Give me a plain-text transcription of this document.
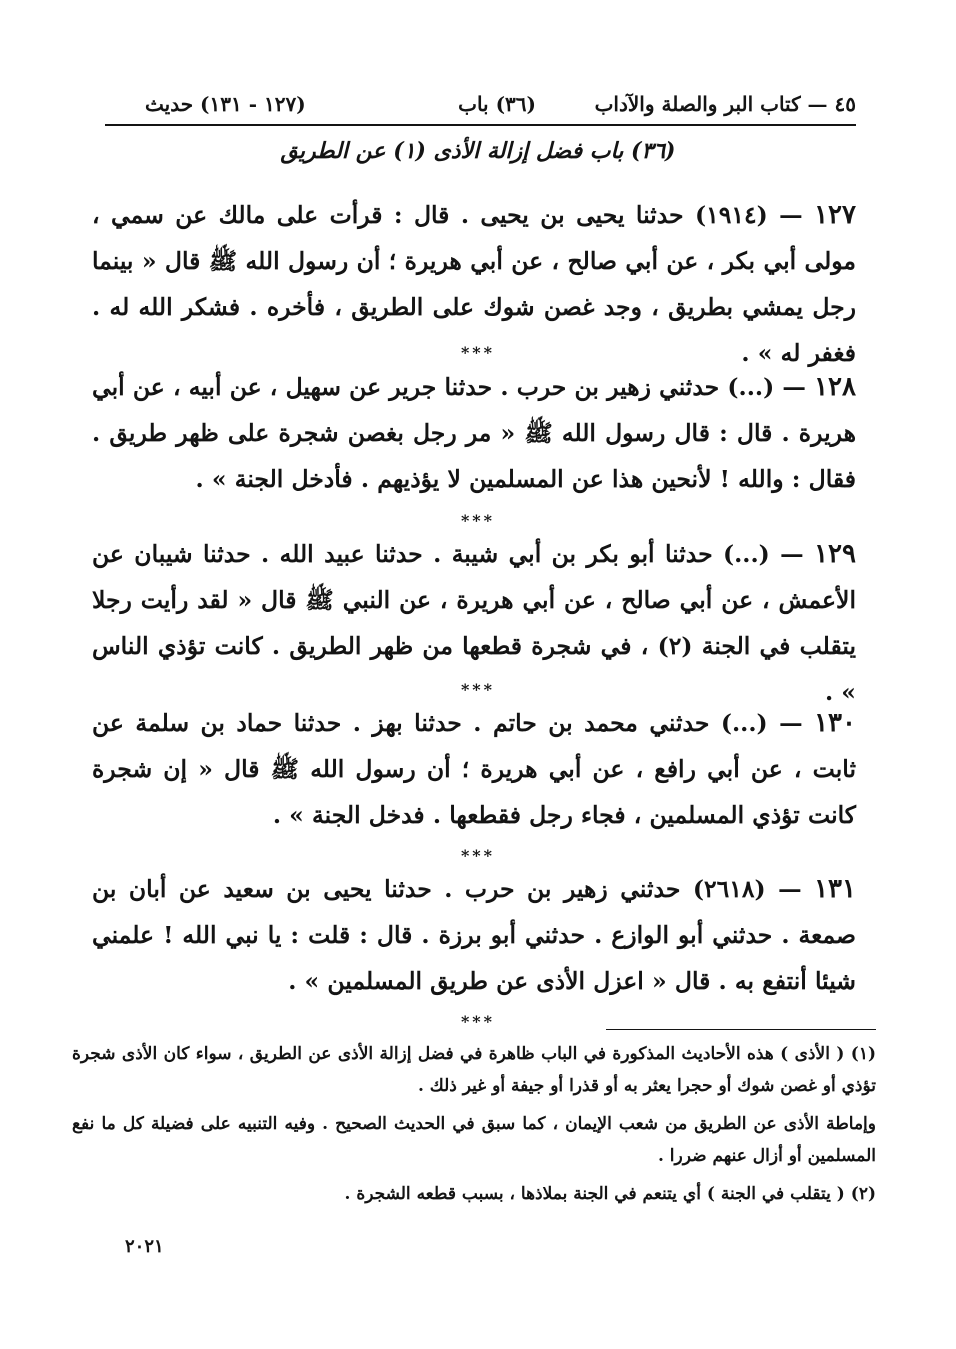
٤٥ — كتاب البر والصلة والآداب
(٣٦) باب
(١٢٧ - ١٣١) حديث
(٣٦) باب فضل إزالة الأذى (١) عن الطريق
١٢٧ — (١٩١٤) حدثنا يحيى بن يحيى . قال : قرأت على مالك عن سمي ، مولى أبي بكر ، عن أبي صالح ، عن أبي هريرة ؛ أن رسول الله ﷺ قال « بينما رجل يمشي بطريق ، وجد غصن شوك على الطريق ، فأخره . فشكر الله له . فغفر له » .
***
١٢٨ — (...) حدثني زهير بن حرب . حدثنا جرير عن سهيل ، عن أبيه ، عن أبي هريرة . قال : قال رسول الله ﷺ « مر رجل بغصن شجرة على ظهر طريق . فقال : والله ! لأنحين هذا عن المسلمين لا يؤذيهم . فأدخل الجنة » .
***
١٢٩ — (...) حدثنا أبو بكر بن أبي شيبة . حدثنا عبيد الله . حدثنا شيبان عن الأعمش ، عن أبي صالح ، عن أبي هريرة ، عن النبي ﷺ قال « لقد رأيت رجلا يتقلب في الجنة (٢) ، في شجرة قطعها من ظهر الطريق . كانت تؤذي الناس » .
***
١٣٠ — (...) حدثني محمد بن حاتم . حدثنا بهز . حدثنا حماد بن سلمة عن ثابت ، عن أبي رافع ، عن أبي هريرة ؛ أن رسول الله ﷺ قال « إن شجرة كانت تؤذي المسلمين ، فجاء رجل فقطعها . فدخل الجنة » .
***
١٣١ — (٢٦١٨) حدثني زهير بن حرب . حدثنا يحيى بن سعيد عن أبان بن صمعة . حدثني أبو الوازع . حدثني أبو برزة . قال : قلت : يا نبي الله ! علمني شيئا أنتفع به . قال « اعزل الأذى عن طريق المسلمين » .
***

(١) ( الأذى ) هذه الأحاديث المذكورة في الباب ظاهرة في فضل إزالة الأذى عن الطريق ، سواء كان الأذى شجرة تؤذي أو غصن شوك أو حجرا يعثر به أو قذرا أو جيفة أو غير ذلك .

وإماطة الأذى عن الطريق من شعب الإيمان ، كما سبق في الحديث الصحيح . وفيه التنبيه على فضيلة كل ما نفع المسلمين أو أزال عنهم ضررا .

(٢) ( يتقلب في الجنة ) أي يتنعم في الجنة بملاذها ، بسبب قطعه الشجرة .

٢٠٢١
